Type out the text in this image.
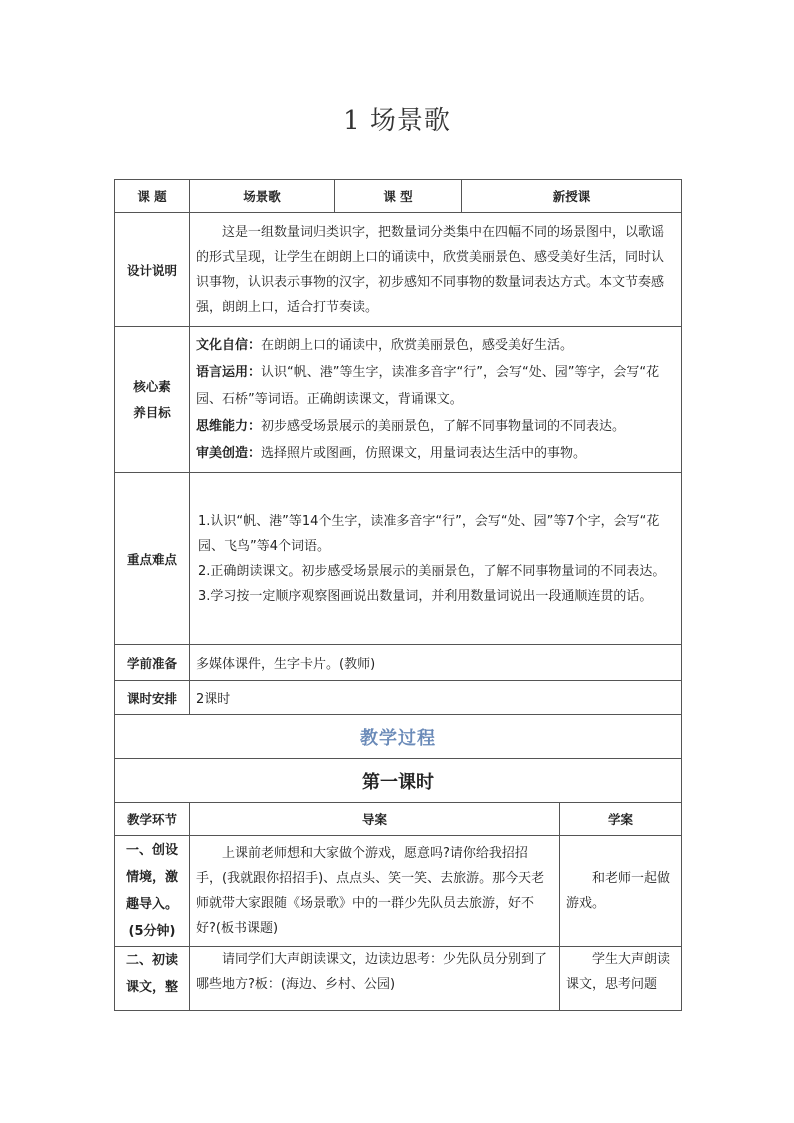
1 场景歌
课 题	场景歌	课 型	新授课	
设计说明	这是一组数量词归类识字，把数量词分类集中在四幅不同的场景图中，以歌谣的形式呈现，让学生在朗朗上口的诵读中，欣赏美丽景色、感受美好生活，同时认识事物，认识表示事物的汉字，初步感知不同事物的数量词表达方式。本文节奏感强，朗朗上口，适合打节奏读。			

核心素养目标	文化自信：在朗朗上口的诵读中，欣赏美丽景色，感受美好生活。
语言运用：认识“帆、港”等生字，读准多音字“行”，会写“处、园”等字，会写“花园、石桥”等词语。正确朗读课文，背诵课文。
思维能力：初步感受场景展示的美丽景色，了解不同事物量词的不同表达。
审美创造：选择照片或图画，仿照课文，用量词表达生活中的事物。			

重点难点	1.认识“帆、港”等14个生字，读准多音字“行”，会写“处、园”等7个字，会写“花园、飞鸟”等4个词语。
2.正确朗读课文。初步感受场景展示的美丽景色，了解不同事物量词的不同表达。
3.学习按一定顺序观察图画说出数量词，并利用数量词说出一段通顺连贯的话。			

学前准备	多媒体课件，生字卡片。(教师)			
课时安排	2课时			
教学过程				
第一课时				
教学环节	导案			学案
一、创设情境，激趣导入。(5分钟)	上课前老师想和大家做个游戏，愿意吗?请你给我招招手，(我就跟你招招手)、点点头、笑一笑、去旅游。那今天老师就带大家跟随《场景歌》中的一群少先队员去旅游，好不好?(板书课题)			和老师一起做游戏。
二、初读课文，整	请同学们大声朗读课文，边读边思考：少先队员分别到了哪些地方?板：(海边、乡村、公园)			学生大声朗读课文，思考问题
